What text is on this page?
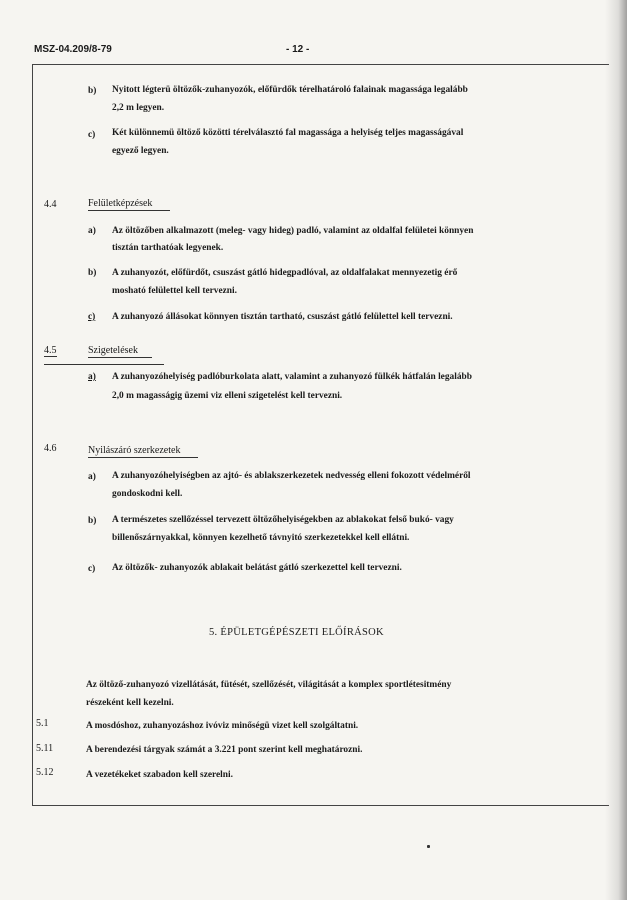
MSZ-04.209/8-79	- 12 -
b) Nyitott légterü öltözők-zuhanyozók, előfürdők térelhatároló falainak magassága legalább
2,2 m legyen.
c) Két különnemü öltöző közötti térelválasztó fal magassága a helyiség teljes magasságával
egyező legyen.
4.4	Felületképzések
a) Az öltözőben alkalmazott (meleg- vagy hideg) padló, valamint az oldalfal felületei könnyen
tisztán tarthatóak legyenek.
b) A zuhanyozót, előfürdőt, csuszást gátló hidegpadlóval, az oldalfalakat mennyezetig érő
mosható felülettel kell tervezni.
c) A zuhanyozó állásokat könnyen tisztán tartható, csuszást gátló felülettel kell tervezni.
4.5	Szigetelések
a) A zuhanyozóhelyiség padlóburkolata alatt, valamint a zuhanyozó fülkék hátfalán legalább
2,0 m magasságig üzemi viz elleni szigetelést kell tervezni.
4.6	Nyilászáró szerkezetek
a) A zuhanyozóhelyiségben az ajtó- és ablakszerkezetek nedvesség elleni fokozott védelméről
gondoskodni kell.
b) A természetes szellőzéssel tervezett öltözőhelyiségekben az ablakokat felső bukó- vagy
billenőszárnyakkal, könnyen kezelhető távnyitó szerkezetekkel kell ellátni.
c) Az öltözők- zuhanyozók ablakait belátást gátló szerkezettel kell tervezni.
5. ÉPÜLETGÉPÉSZETI ELŐÍRÁSOK
Az öltöző-zuhanyozó vizellátását, fütését, szellőzését, világitását a komplex sportlétesitmény
részeként kell kezelni.
5.1	A mosdóshoz, zuhanyozáshoz ivóviz minőségü vizet kell szolgáltatni.
5.11	A berendezési tárgyak számát a 3.221 pont szerint kell meghatározni.
5.12	A vezetékeket szabadon kell szerelni.
